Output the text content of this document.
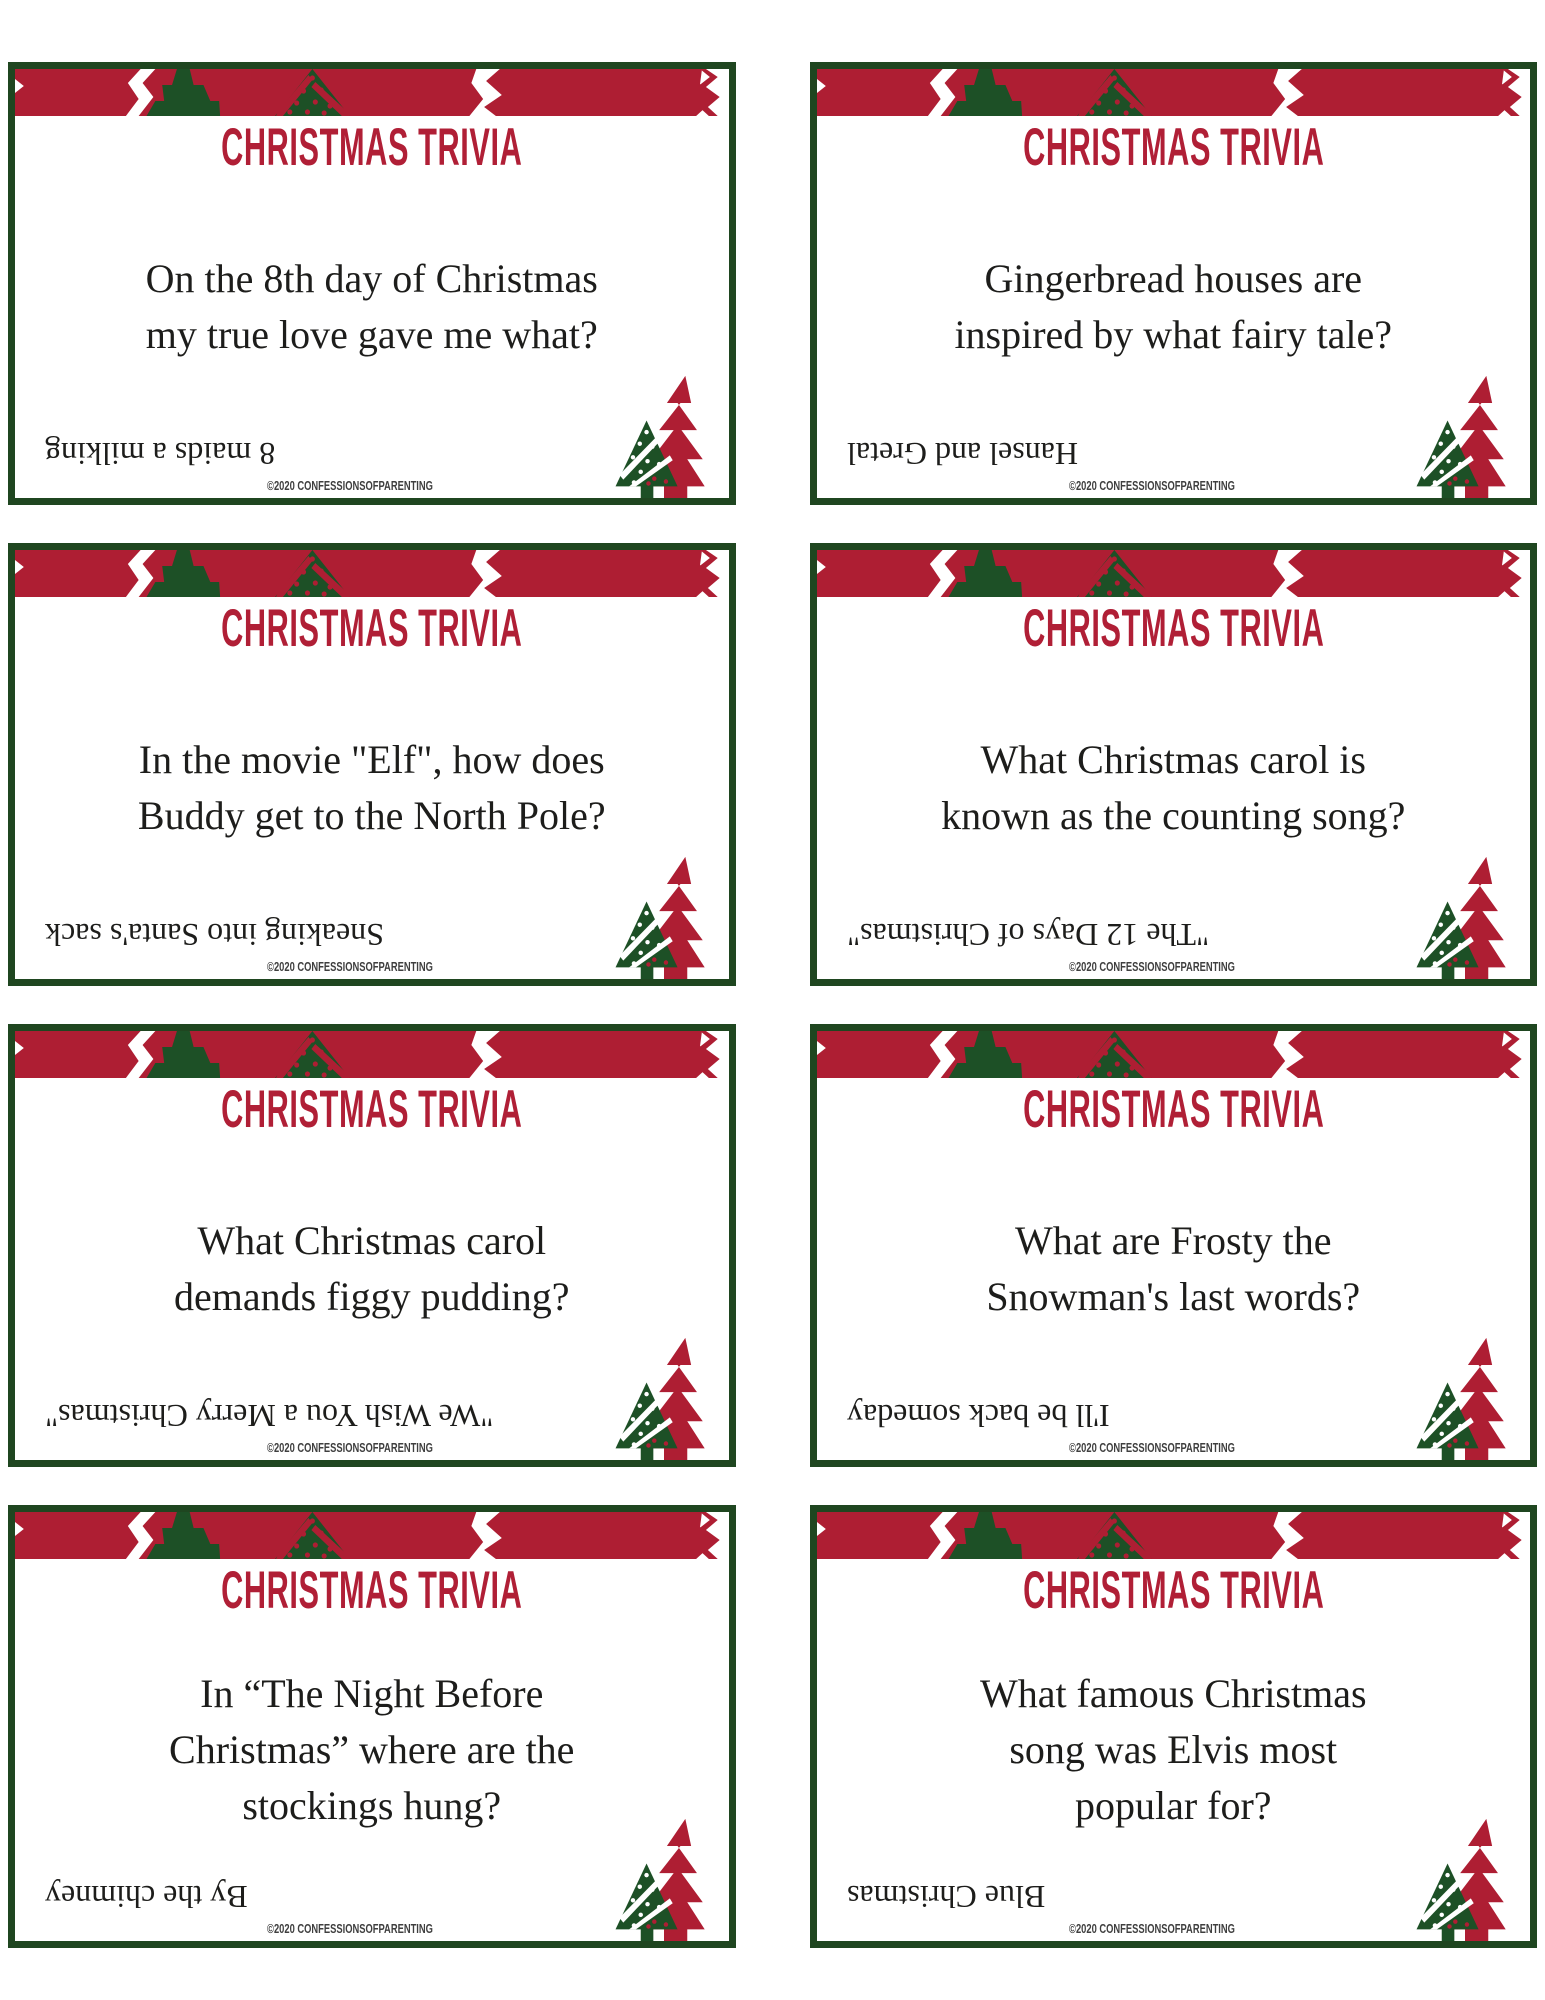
CHRISTMAS TRIVIA
On the 8th day of Christmas
my true love gave me what?
8 maids a milking
©2020 CONFESSIONSOFPARENTING
CHRISTMAS TRIVIA
Gingerbread houses are
inspired by what fairy tale?
Hansel and Gretal
©2020 CONFESSIONSOFPARENTING
CHRISTMAS TRIVIA
In the movie "Elf", how does
Buddy get to the North Pole?
Sneaking into Santa's sack
©2020 CONFESSIONSOFPARENTING
CHRISTMAS TRIVIA
What Christmas carol is
known as the counting song?
"The 12 Days of Christmas"
©2020 CONFESSIONSOFPARENTING
CHRISTMAS TRIVIA
What Christmas carol
demands figgy pudding?
"We Wish You a Merry Christmas"
©2020 CONFESSIONSOFPARENTING
CHRISTMAS TRIVIA
What are Frosty the
Snowman's last words?
I'll be back someday
©2020 CONFESSIONSOFPARENTING
CHRISTMAS TRIVIA
In “The Night Before
Christmas” where are the
stockings hung?
By the chimney
©2020 CONFESSIONSOFPARENTING
CHRISTMAS TRIVIA
What famous Christmas
song was Elvis most
popular for?
Blue Christmas
©2020 CONFESSIONSOFPARENTING
